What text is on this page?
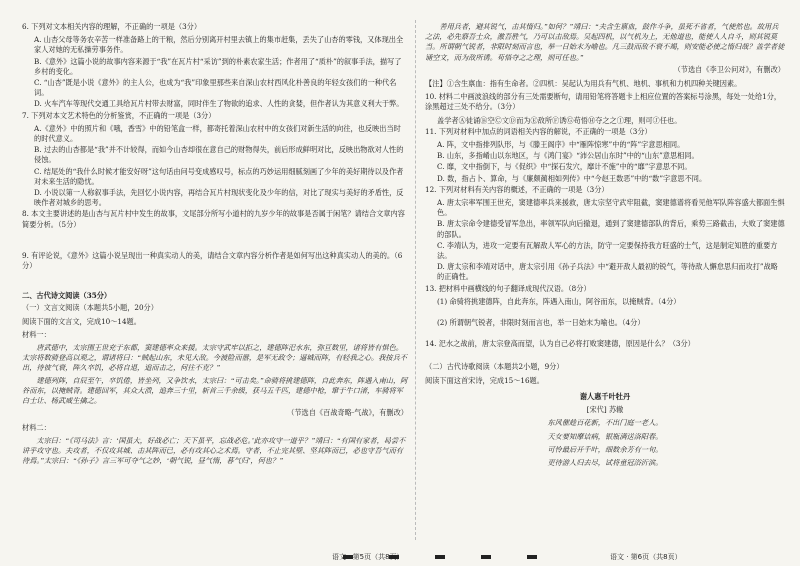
6. 下列对文本相关内容的理解，不正确的一项是（3分）

A. 山杏父母等务农辛苦一样准备路上的干粮，然后分别离开村里去镇上的集市赶集，丢失了山杏的零钱，又体现出全家人对她的无私操劳事务件。

B.《意外》这篇小说的故事内容来源于“我”在瓦片村“采访”到的朴素农家生活；作者用了“质朴”的叙事手法，描写了乡村的变化。

C. “山杏”既是小说《意外》的主人公，也成为“我”印象里那些来自深山农村西风化朴善良的年轻女孩们的一种代名词。

D. 火车汽车等现代交通工具给瓦片村带去财富，同时伴生了物欲的追求、人性的贪婪，但作者认为其意义利大于弊。

7. 下列对本文艺术特色的分析鉴赏，不正确的一项是（3分）

A.《意外》中的照片和《哦，香雪》中的铅笔盒一样，都寄托着深山农村中的女孩们对新生活的向往，也反映出当时的时代意义。

B. 过去的山杏都是“我”并不计较得，而如今山杏却很在意自己的财物得失，前后形成鲜明对比，反映出物欲对人性的侵蚀。

C. 结尾处的“我什么时候才能安好呀”这句话由问号变成感叹号，标点的巧妙运用细腻刻画了少年的美好期待以及作者对未来生活的隐忧。

D. 小说以第一人称叙事手法，先回忆小说内容，再结合瓦片村现状变化及少年的信，对比了现实与美好的矛盾性，反映作者对城乡的思考。

8. 本文主要讲述的是山杏与瓦片村中发生的故事，文尾部分所写小道村的九岁少年的故事是否属于闲笔？请结合文章内容简要分析。（5分）

9. 有评论说，《意外》这篇小说呈现出一种真实动人的美，请结合文章内容分析作者是如何写出这种真实动人的美的。（6分）

二、古代诗文阅读（35分）

（一）文言文阅读（本题共5小题，20分）

阅读下面的文言文，完成10～14题。

材料一：

唐武德中，太宗围王世充于东都，窦建德率众来援。太宗守武牢以拒之，建德阵汜水东，弥亘数里，诸将皆有惧色。太宗将数骑登高以观之，谓诸将曰：“贼起山东，未见大敌。今渡险而嚣，是军无政令；逼城而阵，有轻我之心。我按兵不出，待彼气衰，阵久卒饥，必将自退，追而击之，何往不克？”

建德列阵，自辰至午，卒饥倦，皆坐列，又争饮水，太宗曰：“可击矣。”命骑将挑建德阵，自此奔东，阵遇入南山，阿谷而东，以掩贼背。建德回军，其众大溃，追奔三十里，斩首三千余级，获马五千匹，建德中枪，窜于牛口渚，车骑将军白士让、杨武威生擒之。

（节选自《百战奇略·气战》，有删改）

材料二：

太宗曰：“《司马法》言：‘国虽大，好战必亡；天下虽平，忘战必危。’此亦攻守一道乎？”靖曰：“有国有家者，曷尝不讲乎攻守也。夫攻者，不仅攻其城、击其阵而已，必有攻其心之术焉。守者，不止完其壁、坚其阵而已，必也守吾气而有待焉。”太宗曰：“《孙子》言三军可夺气之妙，‘朝气锐，昼气惰，暮气归’，何也？”

善用兵者，避其锐气，击其惰归。”如何？”靖曰：“夫含生禀血，鼓作斗争，虽死不省者，气使然也。故用兵之法，必先察吾士众，激吾胜气，乃可以击敌焉。吴起四机，以气机为上，无他道也，能使人人自斗，则其锐莫当。所谓朝气锐者，非限时刻而言也，举一日始末为喻也。凡三鼓而敌不衰不竭，则安能必使之惰归哉？盖学者徒诵空文，而为敌所诱。苟悟夺之之理，则可任也。”

（节选自《李卫公问对》，有删改）

【注】①含生禀血：指有生命者。②四机：吴起认为用兵有气机、地机、事机和力机四种关键因素。

10. 材料二中画波浪线的部分有三处需要断句，请用铅笔将答题卡上相应位置的答案标号涂黑，每处一处给1分，涂黑超过三处不给分。（3分）

盖学者Ⓐ徒诵Ⓑ空Ⓒ文Ⓓ而为Ⓔ敌所Ⓕ诱Ⓖ苟悟Ⓗ夺之之Ⓘ理，则可Ⓙ任也。

11. 下列对材料中加点的词语相关内容的解说，不正确的一项是（3分）

A. 阵，文中指排列队形，与《滕王阁序》中“雁阵惊寒”中的“阵”字意思相同。

B. 山东，多指崤山以东地区，与《鸿门宴》“沛公居山东时”中的“山东”意思相同。

C. 靡，文中指倒下，与《促织》中“探石发穴，靡计不施”中的“靡”字意思不同。

D. 数，指占卜、算命，与《廉颇蔺相如列传》中“今赵王数恶”中的“数”字意思不同。

12. 下列对材料有关内容的概述，不正确的一项是（3分）

A. 唐太宗率军围王世充，窦建德率兵来援救，唐太宗坚守武牢阻截，窦建德谱将看见他军队阵容盛大都面生惧色。

B. 唐太宗命令建德受冒军急出，率领军队向后撤退，通到了窦建德部队的背后，乘势三路截击，大败了窦建德的部队。

C. 李靖认为，进攻一定要有瓦解敌人军心的方法，防守一定要保持我方旺盛的士气，这是制定知胜的重要方法。

D. 唐太宗和李靖对话中，唐太宗引用《孙子兵法》中“避开敌人最初的锐气，等待敌人懈怠思归而攻打”战略的正确性。

13. 把材料中画横线的句子翻译成现代汉语。（8分）

(1) 命骑将挑建德阵，自此奔东，阵遇入南山，阿谷而东，以掩贼背。（4分）

(2) 所谓朝气锐者，非限时刻而言也，举一日始末为喻也。（4分）

14. 汜水之战前，唐太宗登高而望，认为自己必将打败窦建德，原因是什么？（3分）

（二）古代诗歌阅读（本题共2小题，9分）

阅读下面这首宋诗，完成15～16题。

谢人惠千叶牡丹

[宋代] 苏辙

东风催趁百花新，不出门庭一老人。

天女要知摩诘病，银瓶满送洛阳春。

可怜最后开千叶，细数余芳有一旬。

更待游人归去尽，试将童冠浴沂滨。

语文 · 第5页（共8页）	语文 · 第6页（共8页）
